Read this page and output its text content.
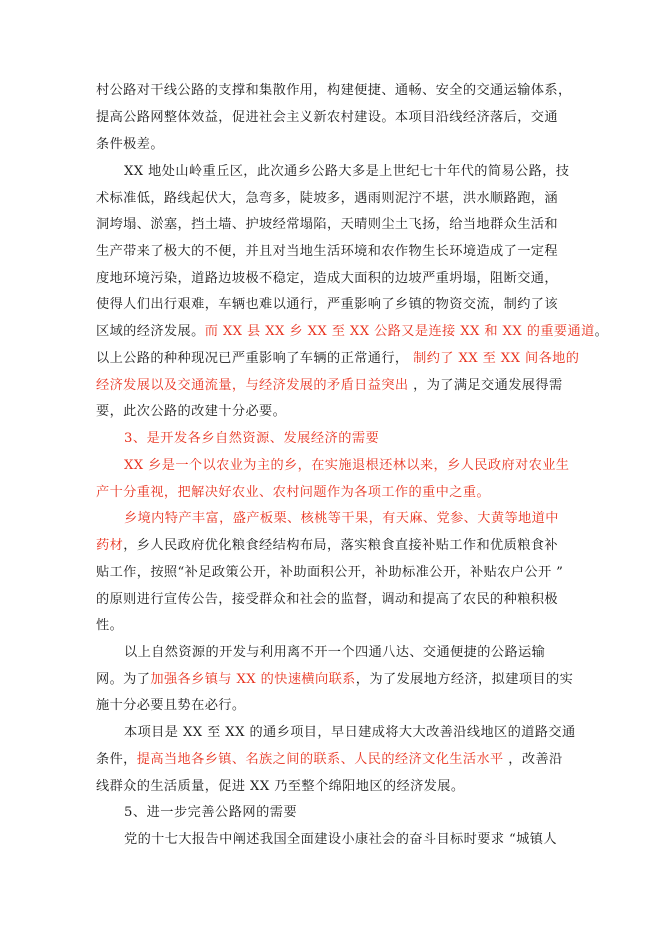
村公路对干线公路的支撑和集散作用，构建便捷、通畅、安全的交通运输体系，
提高公路网整体效益，促进社会主义新农村建设。本项目沿线经济落后，交通
条件极差。
XX 地处山岭重丘区，此次通乡公路大多是上世纪七十年代的简易公路，技
术标准低，路线起伏大，急弯多，陡坡多，遇雨则泥泞不堪，洪水顺路跑，涵
洞垮塌、淤塞，挡土墙、护坡经常塌陷，天晴则尘土飞扬，给当地群众生活和
生产带来了极大的不便，并且对当地生活环境和农作物生长环境造成了一定程
度地环境污染，道路边坡极不稳定，造成大面积的边坡严重坍塌，阻断交通，
使得人们出行艰难，车辆也难以通行，严重影响了乡镇的物资交流，制约了该
区域的经济发展。而 XX 县 XX 乡 XX 至 XX 公路又是连接 XX 和 XX 的重要通道。
以上公路的种种现况已严重影响了车辆的正常通行， 制约了 XX 至 XX 间各地的
经济发展以及交通流量，与经济发展的矛盾日益突出 ，为了满足交通发展得需
要，此次公路的改建十分必要。
3、是开发各乡自然资源、发展经济的需要
XX 乡是一个以农业为主的乡，在实施退根还林以来，乡人民政府对农业生
产十分重视，把解决好农业、农村问题作为各项工作的重中之重。
乡境内特产丰富，盛产板栗、核桃等干果，有天麻、党参、大黄等地道中
药材，乡人民政府优化粮食经结构布局，落实粮食直接补贴工作和优质粮食补
贴工作，按照“补足政策公开，补助面积公开，补助标准公开，补贴农户公开 ”
的原则进行宣传公告，接受群众和社会的监督，调动和提高了农民的种粮积极
性。
以上自然资源的开发与利用离不开一个四通八达、交通便捷的公路运输
网。为了加强各乡镇与 XX 的快速横向联系，为了发展地方经济，拟建项目的实
施十分必要且势在必行。
本项目是 XX 至 XX 的通乡项目，早日建成将大大改善沿线地区的道路交通
条件，提高当地各乡镇、名族之间的联系、人民的经济文化生活水平 ，改善沿
线群众的生活质量，促进 XX 乃至整个绵阳地区的经济发展。
5、进一步完善公路网的需要
党的十七大报告中阐述我国全面建设小康社会的奋斗目标时要求 “城镇人
